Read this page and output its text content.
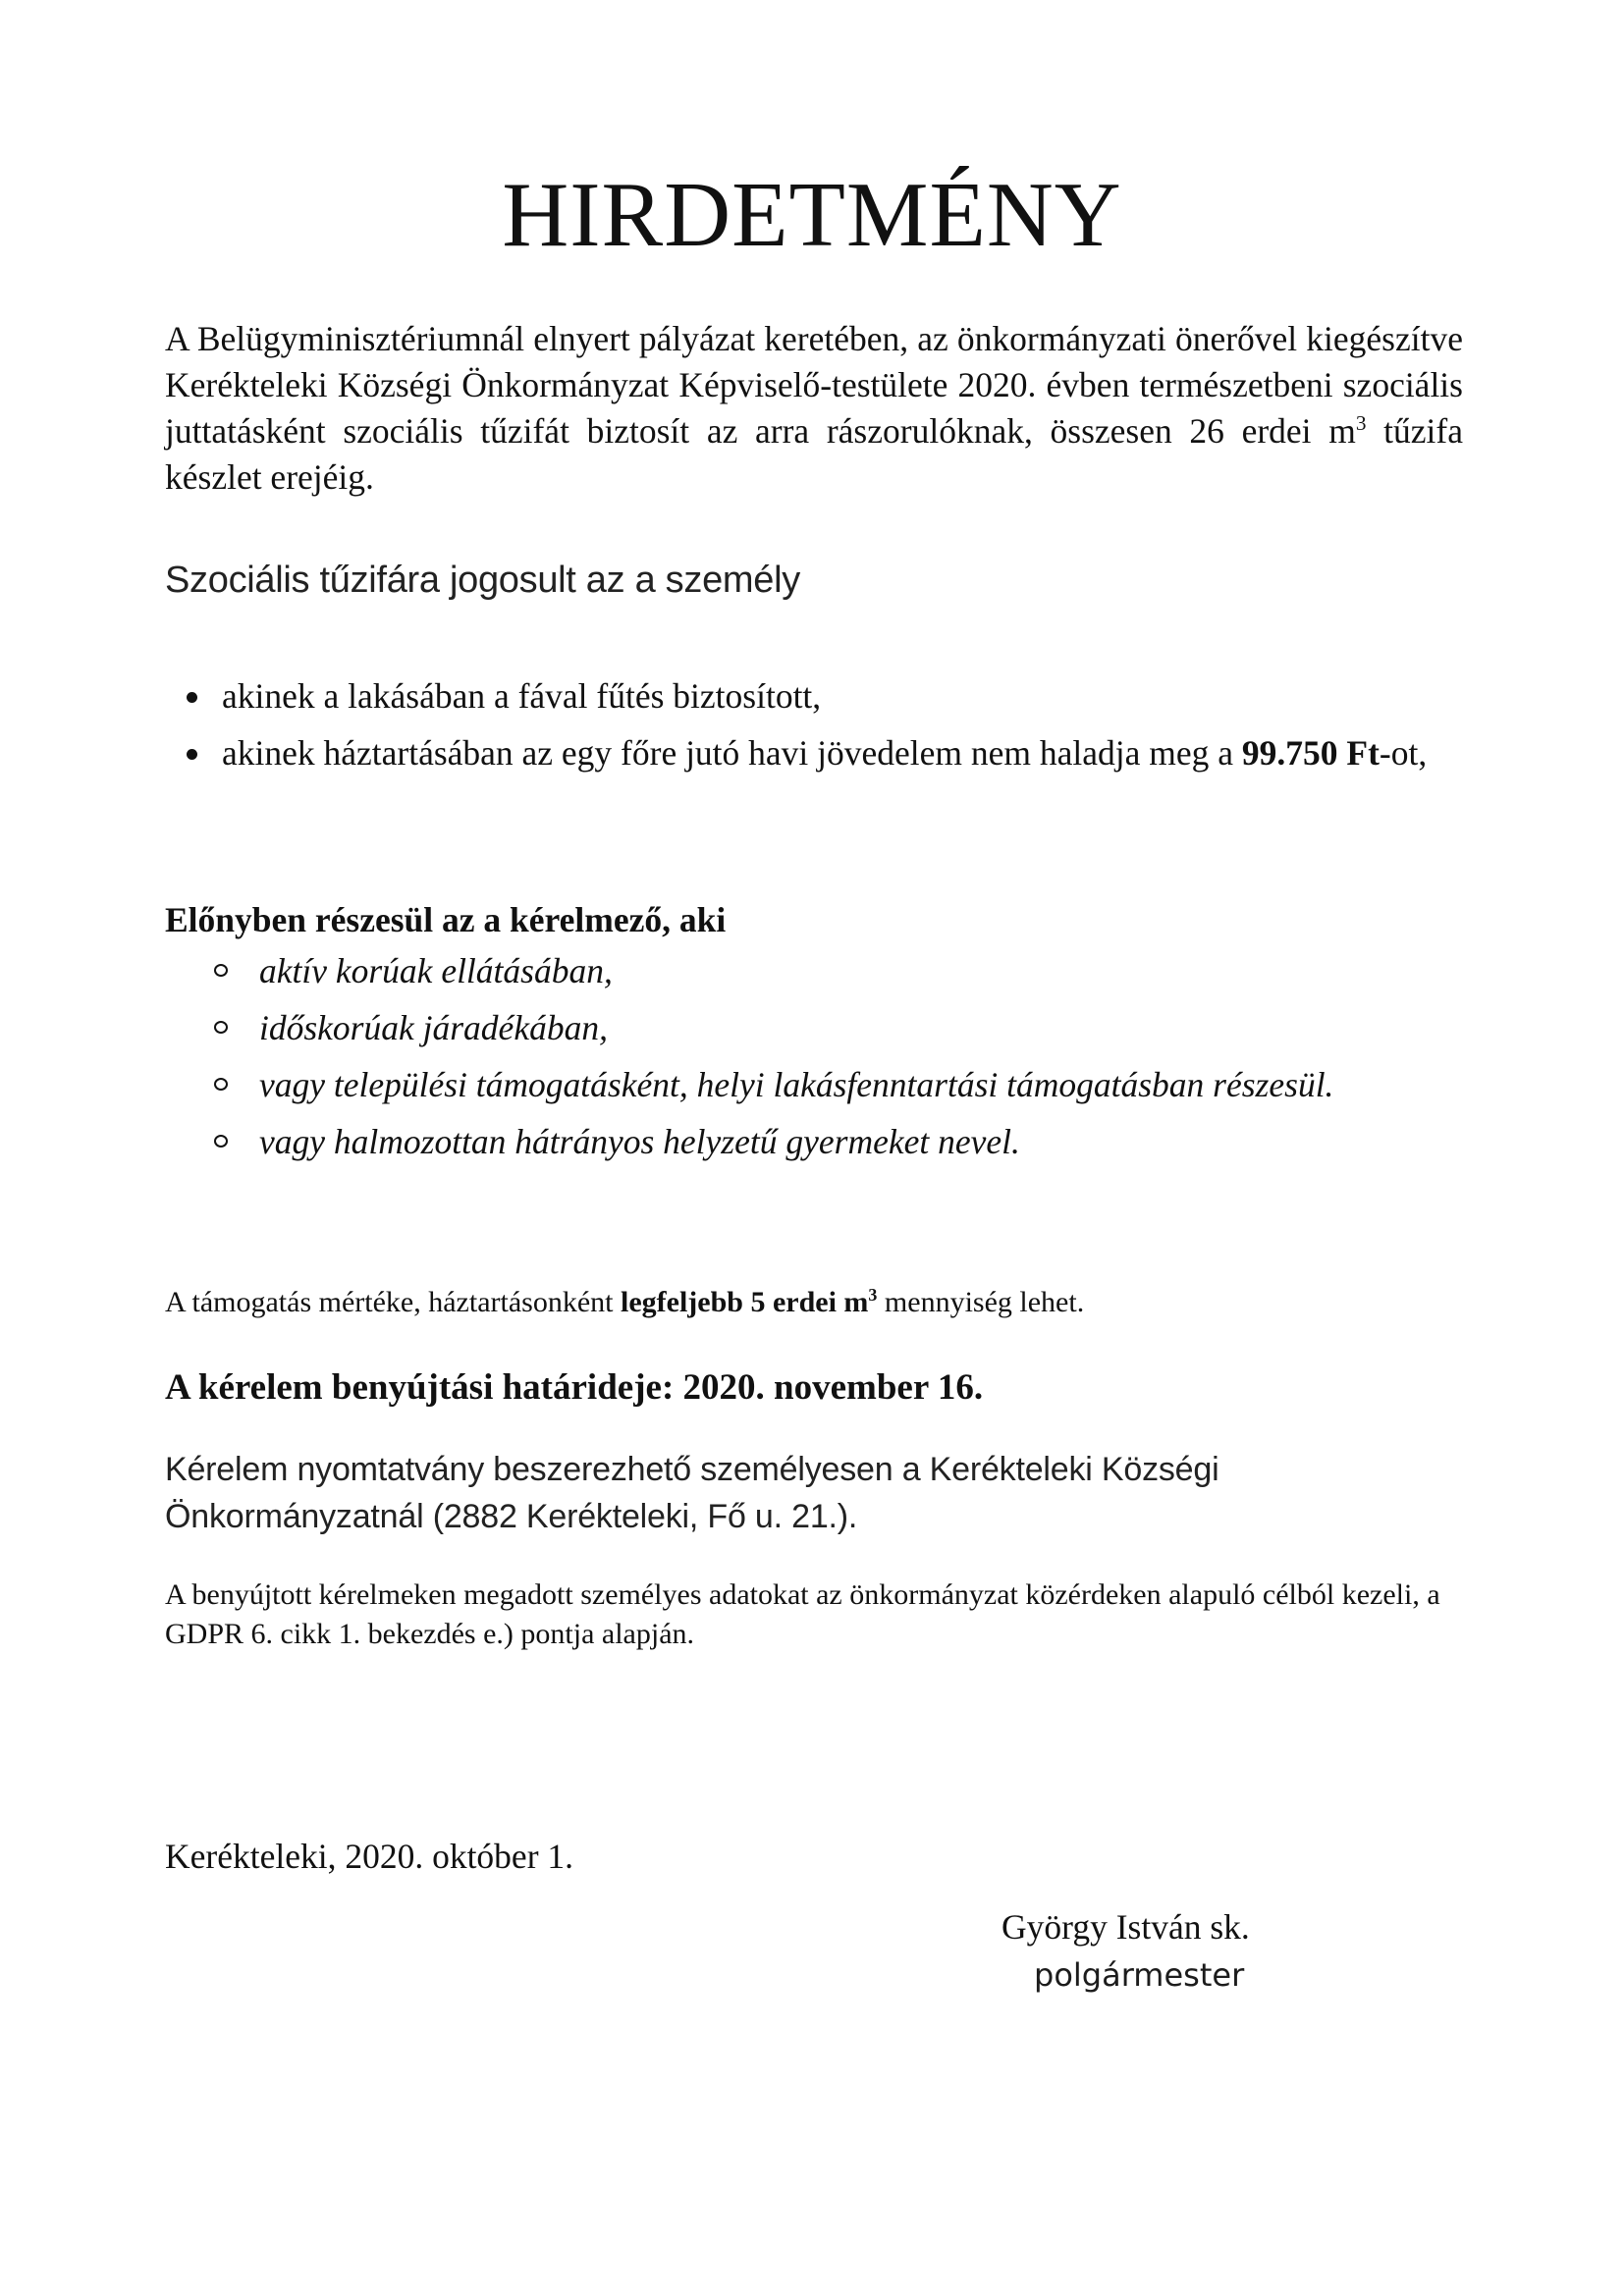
HIRDETMÉNY

A Belügyminisztériumnál elnyert pályázat keretében, az önkormányzati önerővel kiegészítve Kerékteleki Községi Önkormányzat Képviselő-testülete 2020. évben természetbeni szociális juttatásként szociális tűzifát biztosít az arra rászorulóknak, összesen 26 erdei $m^3$ tűzifa készlet erejéig.

Szociális tűzifára jogosult az a személy

akinek a lakásában a fával fűtés biztosított,
akinek háztartásában az egy főre jutó havi jövedelem nem haladja meg a 99.750 Ft-ot,

Előnyben részesül az a kérelmező, aki

aktív korúak ellátásában,
időskorúak járadékában,
vagy települési támogatásként, helyi lakásfenntartási támogatásban részesül.
vagy halmozottan hátrányos helyzetű gyermeket nevel.

A támogatás mértéke, háztartásonként legfeljebb 5 erdei $m^3$ mennyiség lehet.

A kérelem benyújtási határideje: 2020. november 16.

Kérelem nyomtatvány beszerezhető személyesen a Kerékteleki Községi Önkormányzatnál (2882 Kerékteleki, Fő u. 21.).

A benyújtott kérelmeken megadott személyes adatokat az önkormányzat közérdeken alapuló célból kezeli, a GDPR 6. cikk 1. bekezdés e.) pontja alapján.

Kerékteleki, 2020. október 1.

György István sk.

polgármester
